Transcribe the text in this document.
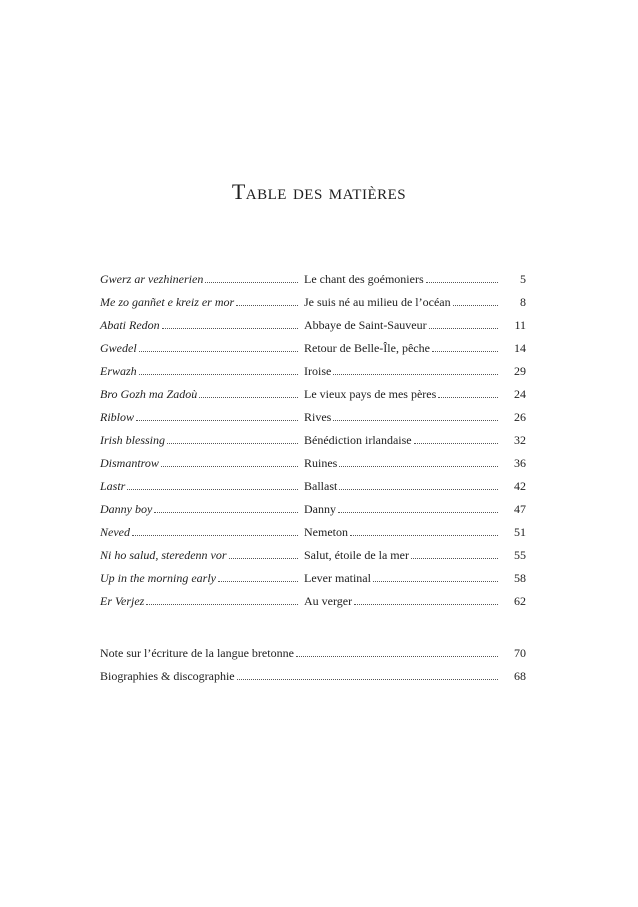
Table des matières
Gwerz ar vezhinerien	Le chant des goémoniers	5
Me zo ganñet e kreiz er mor	Je suis né au milieu de l’océan	8
Abati Redon	Abbaye de Saint-Sauveur	11
Gwedel	Retour de Belle-Île, pêche	14
Erwazh	Iroise	29
Bro Gozh ma Zadoù	Le vieux pays de mes pères	24
Riblow	Rives	26
Irish blessing	Bénédiction irlandaise	32
Dismantrow	Ruines	36
Lastr	Ballast	42
Danny boy	Danny	47
Neved	Nemeton	51
Ni ho salud, steredenn vor	Salut, étoile de la mer	55
Up in the morning early	Lever matinal	58
Er Verjez	Au verger	62
Note sur l’écriture de la langue bretonne	70
Biographies & discographie	68
